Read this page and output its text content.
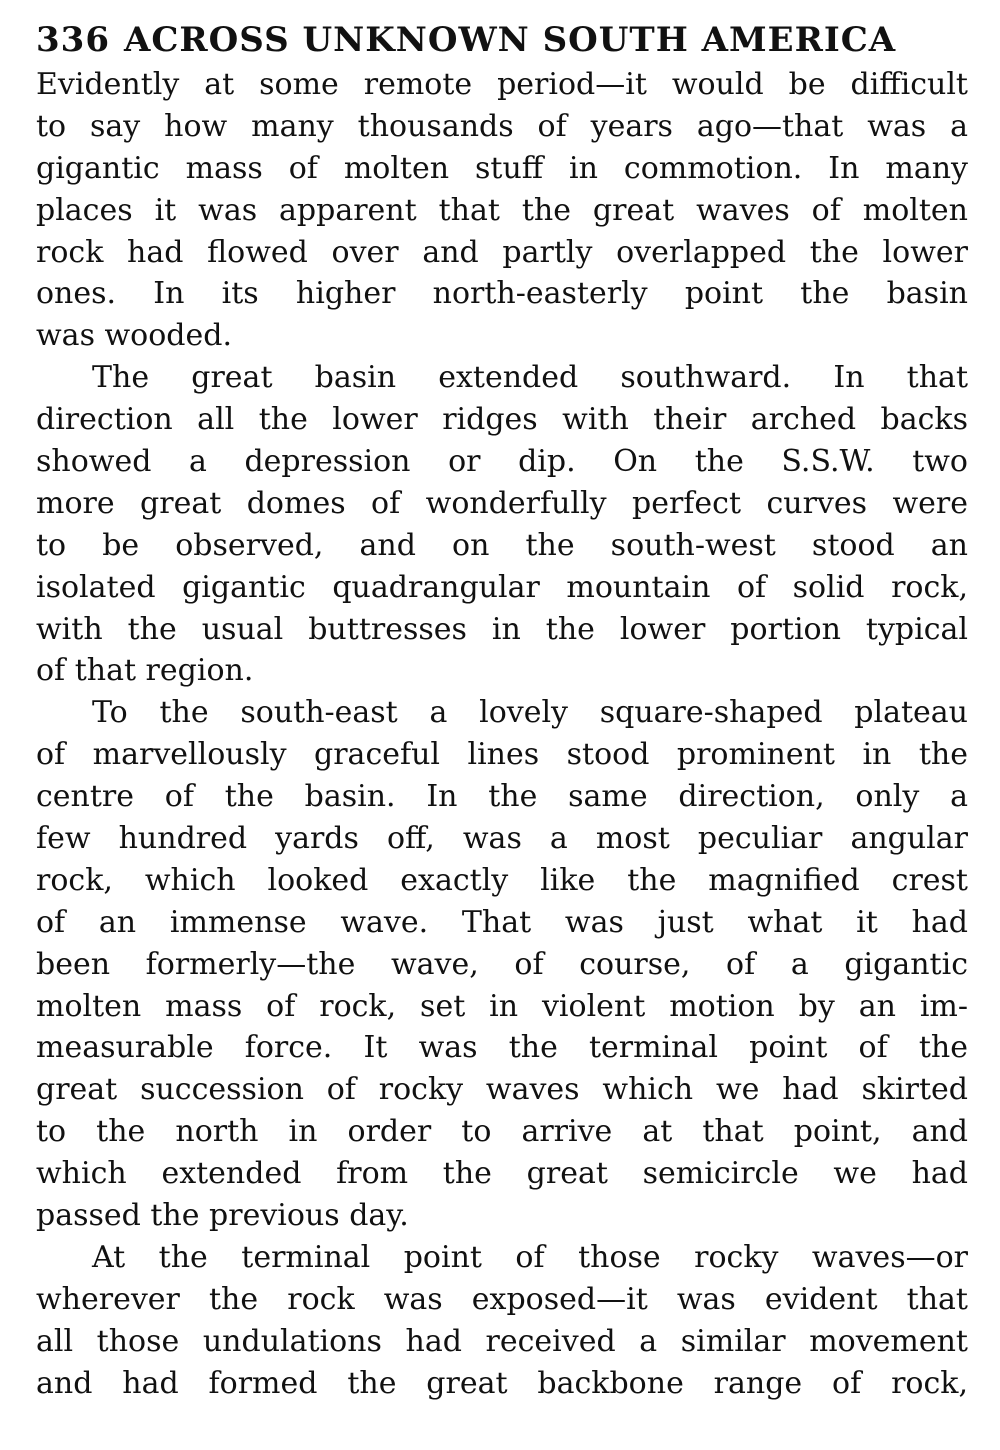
336 ACROSS UNKNOWN SOUTH AMERICA
Evidently at some remote period—it would be difficult
to say how many thousands of years ago—that was a
gigantic mass of molten stuff in commotion. In many
places it was apparent that the great waves of molten
rock had flowed over and partly overlapped the lower
ones. In its higher north-easterly point the basin
was wooded.
The great basin extended southward. In that
direction all the lower ridges with their arched backs
showed a depression or dip. On the S.S.W. two
more great domes of wonderfully perfect curves were
to be observed, and on the south-west stood an
isolated gigantic quadrangular mountain of solid rock,
with the usual buttresses in the lower portion typical
of that region.
To the south-east a lovely square-shaped plateau
of marvellously graceful lines stood prominent in the
centre of the basin. In the same direction, only a
few hundred yards off, was a most peculiar angular
rock, which looked exactly like the magnified crest
of an immense wave. That was just what it had
been formerly—the wave, of course, of a gigantic
molten mass of rock, set in violent motion by an im-
measurable force. It was the terminal point of the
great succession of rocky waves which we had skirted
to the north in order to arrive at that point, and
which extended from the great semicircle we had
passed the previous day.
At the terminal point of those rocky waves—or
wherever the rock was exposed—it was evident that
all those undulations had received a similar movement
and had formed the great backbone range of rock,
